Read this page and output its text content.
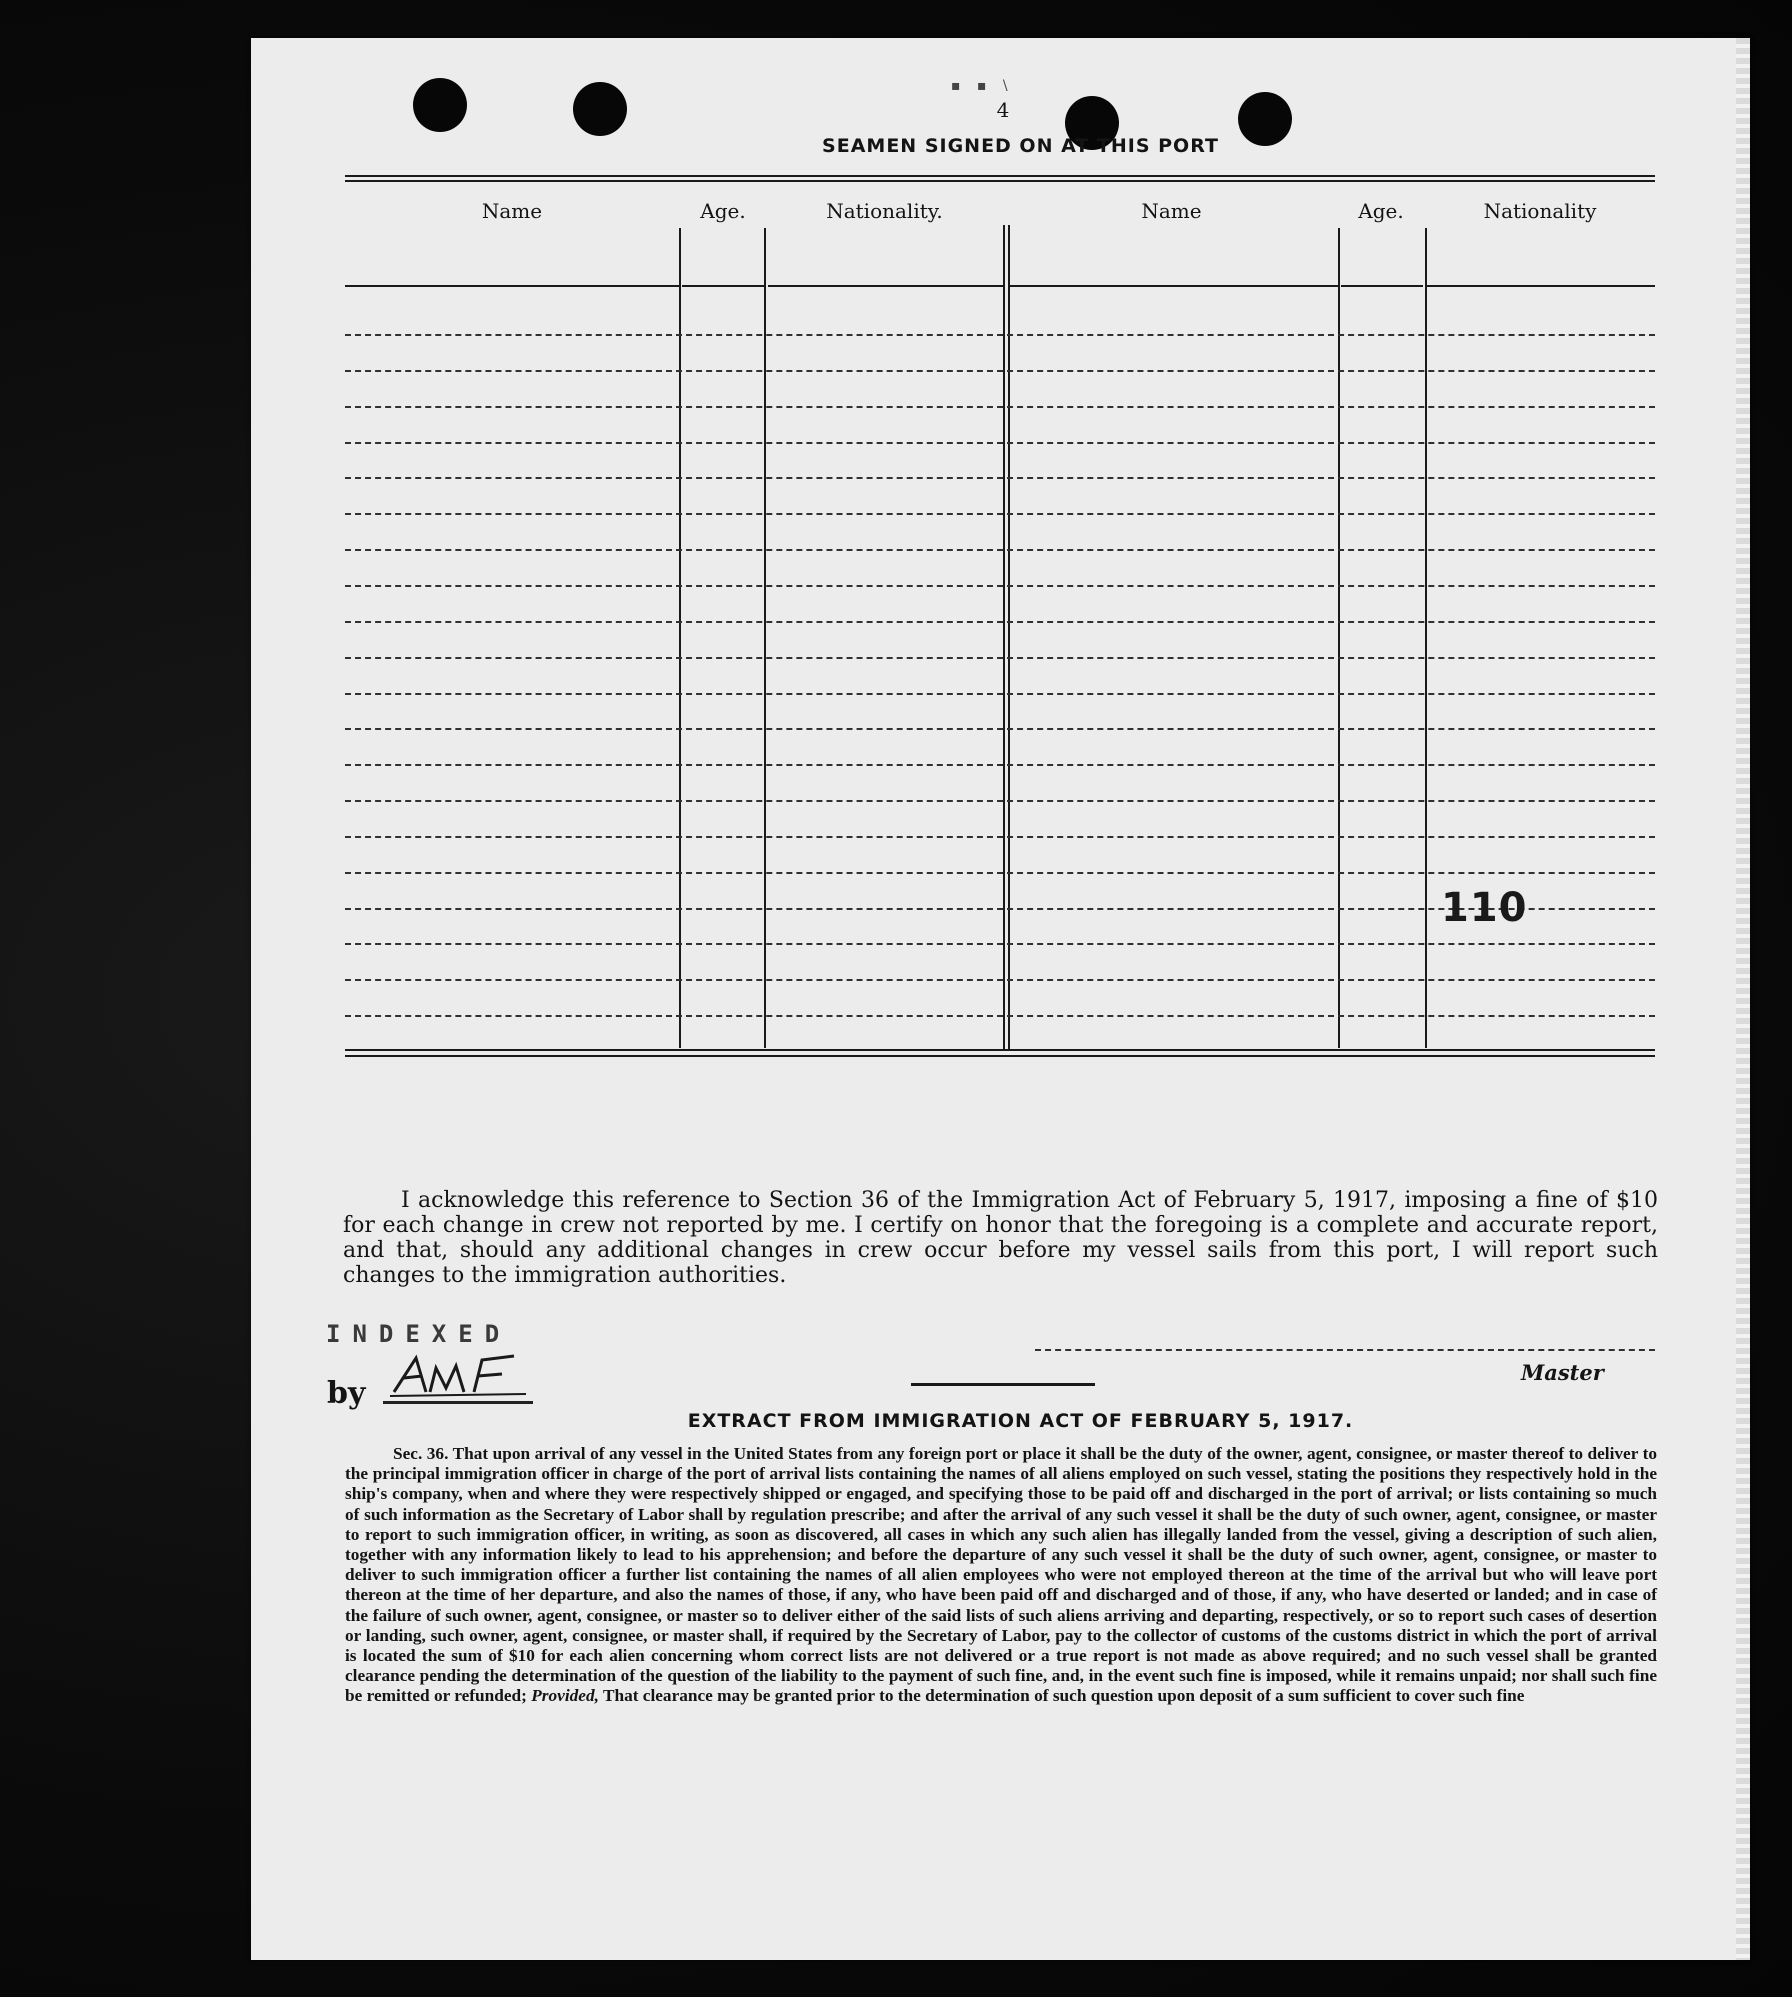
▪ ▪ \
4
SEAMEN SIGNED ON AT THIS PORT
Name	Age.	Nationality.	Name	Age.	Nationality
110
I acknowledge this reference to Section 36 of the Immigration Act of February 5, 1917, imposing a fine of $10 for each change in crew not reported by me. I certify on honor that the foregoing is a complete and accurate report, and that, should any additional changes in crew occur before my vessel sails from this port, I will report such changes to the immigration authorities.
INDEXED
by
Master
EXTRACT FROM IMMIGRATION ACT OF FEBRUARY 5, 1917.
Sec. 36. That upon arrival of any vessel in the United States from any foreign port or place it shall be the duty of the owner, agent, consignee, or master thereof to deliver to the principal immigration officer in charge of the port of arrival lists containing the names of all aliens employed on such vessel, stating the positions they respectively hold in the ship's company, when and where they were respectively shipped or engaged, and specifying those to be paid off and discharged in the port of arrival; or lists containing so much of such information as the Secretary of Labor shall by regulation prescribe; and after the arrival of any such vessel it shall be the duty of such owner, agent, consignee, or master to report to such immigration officer, in writing, as soon as discovered, all cases in which any such alien has illegally landed from the vessel, giving a description of such alien, together with any information likely to lead to his apprehension; and before the departure of any such vessel it shall be the duty of such owner, agent, consignee, or master to deliver to such immigration officer a further list containing the names of all alien employees who were not employed thereon at the time of the arrival but who will leave port thereon at the time of her departure, and also the names of those, if any, who have been paid off and discharged and of those, if any, who have deserted or landed; and in case of the failure of such owner, agent, consignee, or master so to deliver either of the said lists of such aliens arriving and departing, respectively, or so to report such cases of desertion or landing, such owner, agent, consignee, or master shall, if required by the Secretary of Labor, pay to the collector of customs of the customs district in which the port of arrival is located the sum of $10 for each alien concerning whom correct lists are not delivered or a true report is not made as above required; and no such vessel shall be granted clearance pending the determination of the question of the liability to the payment of such fine, and, in the event such fine is imposed, while it remains unpaid; nor shall such fine be remitted or refunded; Provided, That clearance may be granted prior to the determination of such question upon deposit of a sum sufficient to cover such fine
